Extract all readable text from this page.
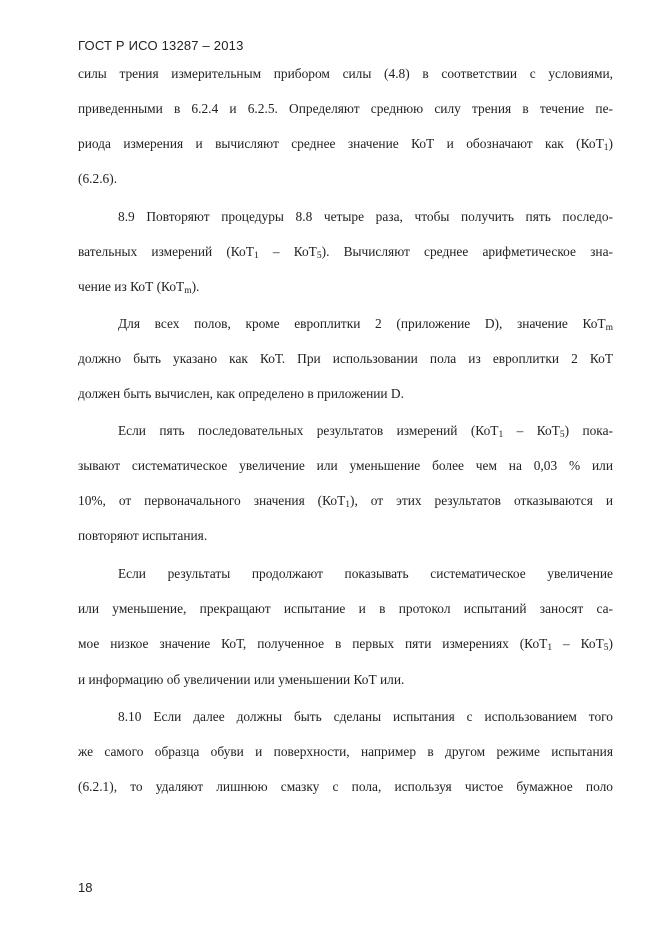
ГОСТ Р ИСО 13287 – 2013
силы трения измерительным прибором силы (4.8) в соответствии с условиями,
приведенными в 6.2.4 и 6.2.5. Определяют среднюю силу трения в течение пе-
риода измерения и вычисляют среднее значение КоТ и обозначают как (КоТ$_1$)
(6.2.6).
8.9 Повторяют процедуры 8.8 четыре раза, чтобы получить пять последо-
вательных измерений (КоТ$_1$ – КоТ$_5$). Вычисляют среднее арифметическое зна-
чение из КоТ (КоТ$_m$).
Для всех полов, кроме европлитки 2 (приложение D), значение КоТ$_m$
должно быть указано как КоТ. При использовании пола из европлитки 2 КоТ
должен быть вычислен, как определено в приложении D.
Если пять последовательных результатов измерений (КоТ$_1$ – КоТ$_5$) пока-
зывают систематическое увеличение или уменьшение более чем на 0,03 % или
10%, от первоначального значения (КоТ$_1$), от этих результатов отказываются и
повторяют испытания.
Если результаты продолжают показывать систематическое увеличение
или уменьшение, прекращают испытание и в протокол испытаний заносят са-
мое низкое значение КоТ, полученное в первых пяти измерениях (КоТ$_1$ – КоТ$_5$)
и информацию об увеличении или уменьшении КоТ или.
8.10 Если далее должны быть сделаны испытания с использованием того
же самого образца обуви и поверхности, например в другом режиме испытания
(6.2.1), то удаляют лишнюю смазку с пола, используя чистое бумажное поло
18
